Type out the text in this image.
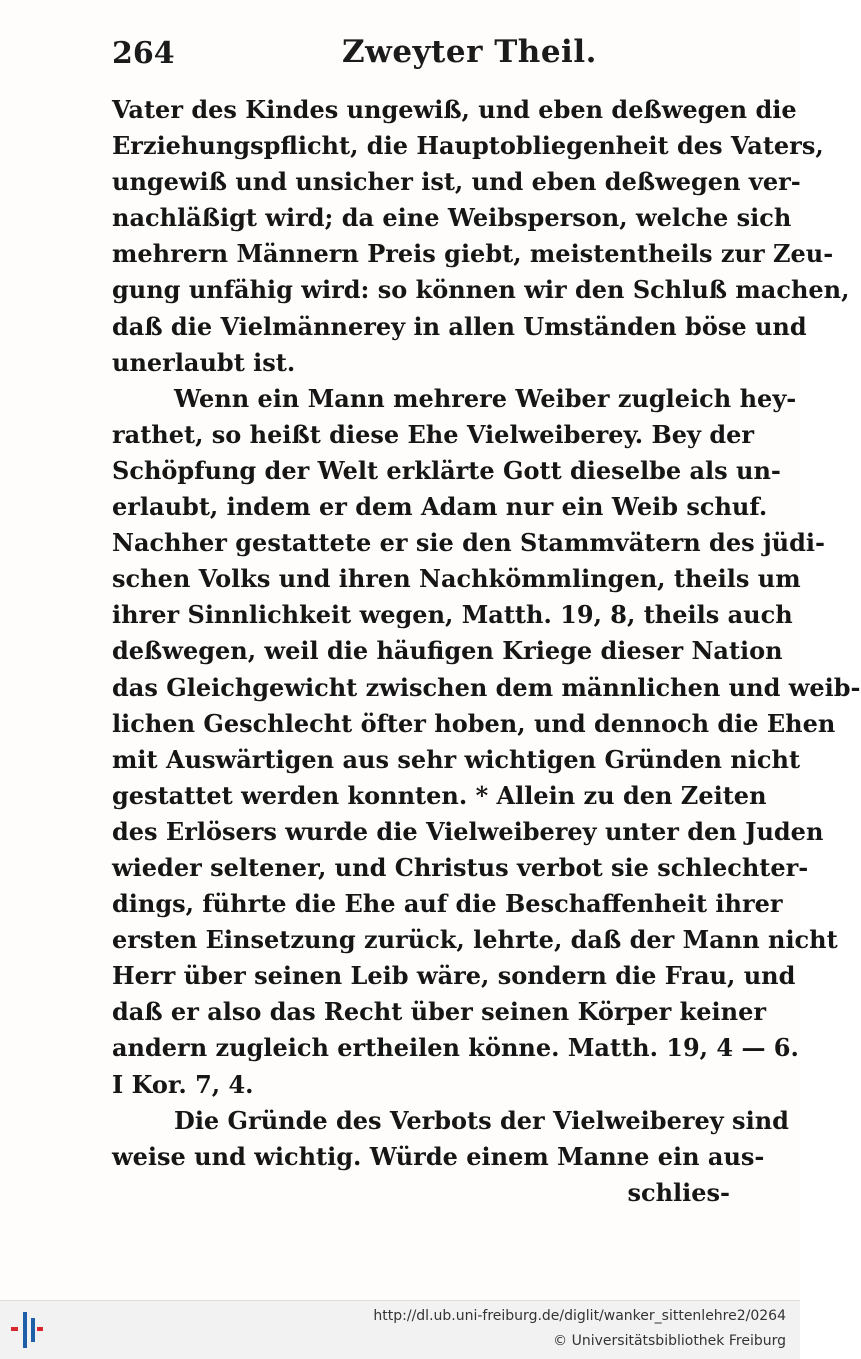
264	Zweyter Theil.
Vater des Kindes ungewiß, und eben deßwegen die
Erziehungspflicht, die Hauptobliegenheit des Vaters,
ungewiß und unsicher ist, und eben deßwegen ver-
nachläßigt wird; da eine Weibsperson, welche sich
mehrern Männern Preis giebt, meistentheils zur Zeu-
gung unfähig wird: so können wir den Schluß machen,
daß die Vielmännerey in allen Umständen böse und
unerlaubt ist.
Wenn ein Mann mehrere Weiber zugleich hey-
rathet, so heißt diese Ehe Vielweiberey. Bey der
Schöpfung der Welt erklärte Gott dieselbe als un-
erlaubt, indem er dem Adam nur ein Weib schuf.
Nachher gestattete er sie den Stammvätern des jüdi-
schen Volks und ihren Nachkömmlingen, theils um
ihrer Sinnlichkeit wegen, Matth. 19, 8, theils auch
deßwegen, weil die häufigen Kriege dieser Nation
das Gleichgewicht zwischen dem männlichen und weib-
lichen Geschlecht öfter hoben, und dennoch die Ehen
mit Auswärtigen aus sehr wichtigen Gründen nicht
gestattet werden konnten. * Allein zu den Zeiten
des Erlösers wurde die Vielweiberey unter den Juden
wieder seltener, und Christus verbot sie schlechter-
dings, führte die Ehe auf die Beschaffenheit ihrer
ersten Einsetzung zurück, lehrte, daß der Mann nicht
Herr über seinen Leib wäre, sondern die Frau, und
daß er also das Recht über seinen Körper keiner
andern zugleich ertheilen könne. Matth. 19, 4 — 6.
I Kor. 7, 4.
Die Gründe des Verbots der Vielweiberey sind
weise und wichtig. Würde einem Manne ein aus-
schlies-
http://dl.ub.uni-freiburg.de/diglit/wanker_sittenlehre2/0264
© Universitätsbibliothek Freiburg
